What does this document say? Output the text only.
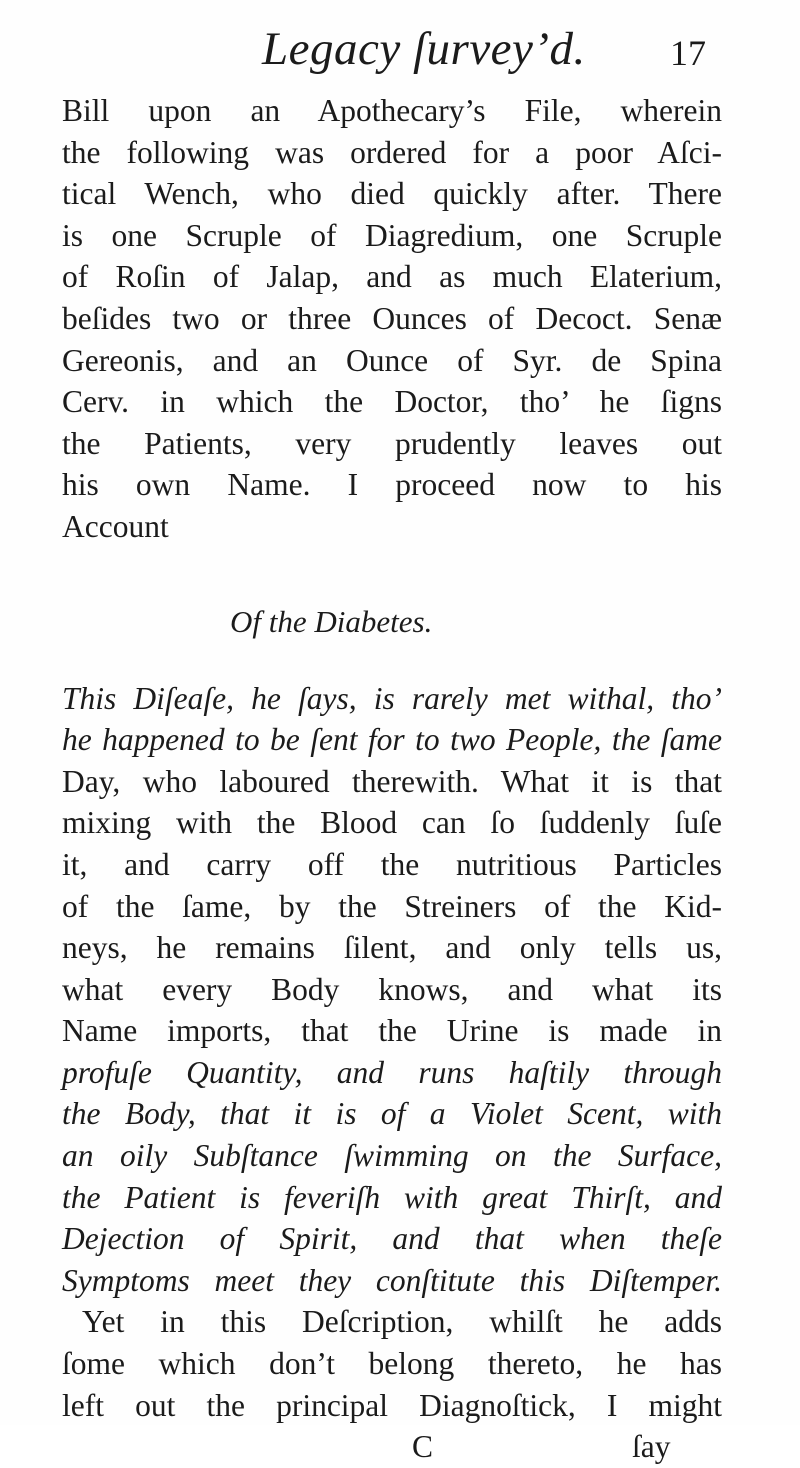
Legacy ſurvey’d. 17
Bill upon an Apothecary’s File, wherein
the following was ordered for a poor Aſci-
tical Wench, who died quickly after. There
is one Scruple of Diagredium, one Scruple
of Roſin of Jalap, and as much Elaterium,
beſides two or three Ounces of Decoct. Senæ
Gereonis, and an Ounce of Syr. de Spina
Cerv. in which the Doctor, tho’ he ſigns
the Patients, very prudently leaves out
his own Name. I proceed now to his
Account
Of the Diabetes.
This Diſeaſe, he ſays, is rarely met withal, tho’
he happened to be ſent for to two People, the ſame
Day, who laboured therewith. What it is that
mixing with the Blood can ſo ſuddenly ſuſe
it, and carry off the nutritious Particles
of the ſame, by the Streiners of the Kid-
neys, he remains ſilent, and only tells us,
what every Body knows, and what its
Name imports, that the Urine is made in
profuſe Quantity, and runs haſtily through
the Body, that it is of a Violet Scent, with
an oily Subſtance ſwimming on the Surface,
the Patient is feveriſh with great Thirſt, and
Dejection of Spirit, and that when theſe
Symptoms meet they conſtitute this Diſtemper.
Yet in this Deſcription, whilſt he adds
ſome which don’t belong thereto, he has
left out the principal Diagnoſtick, I might
C	ſay
